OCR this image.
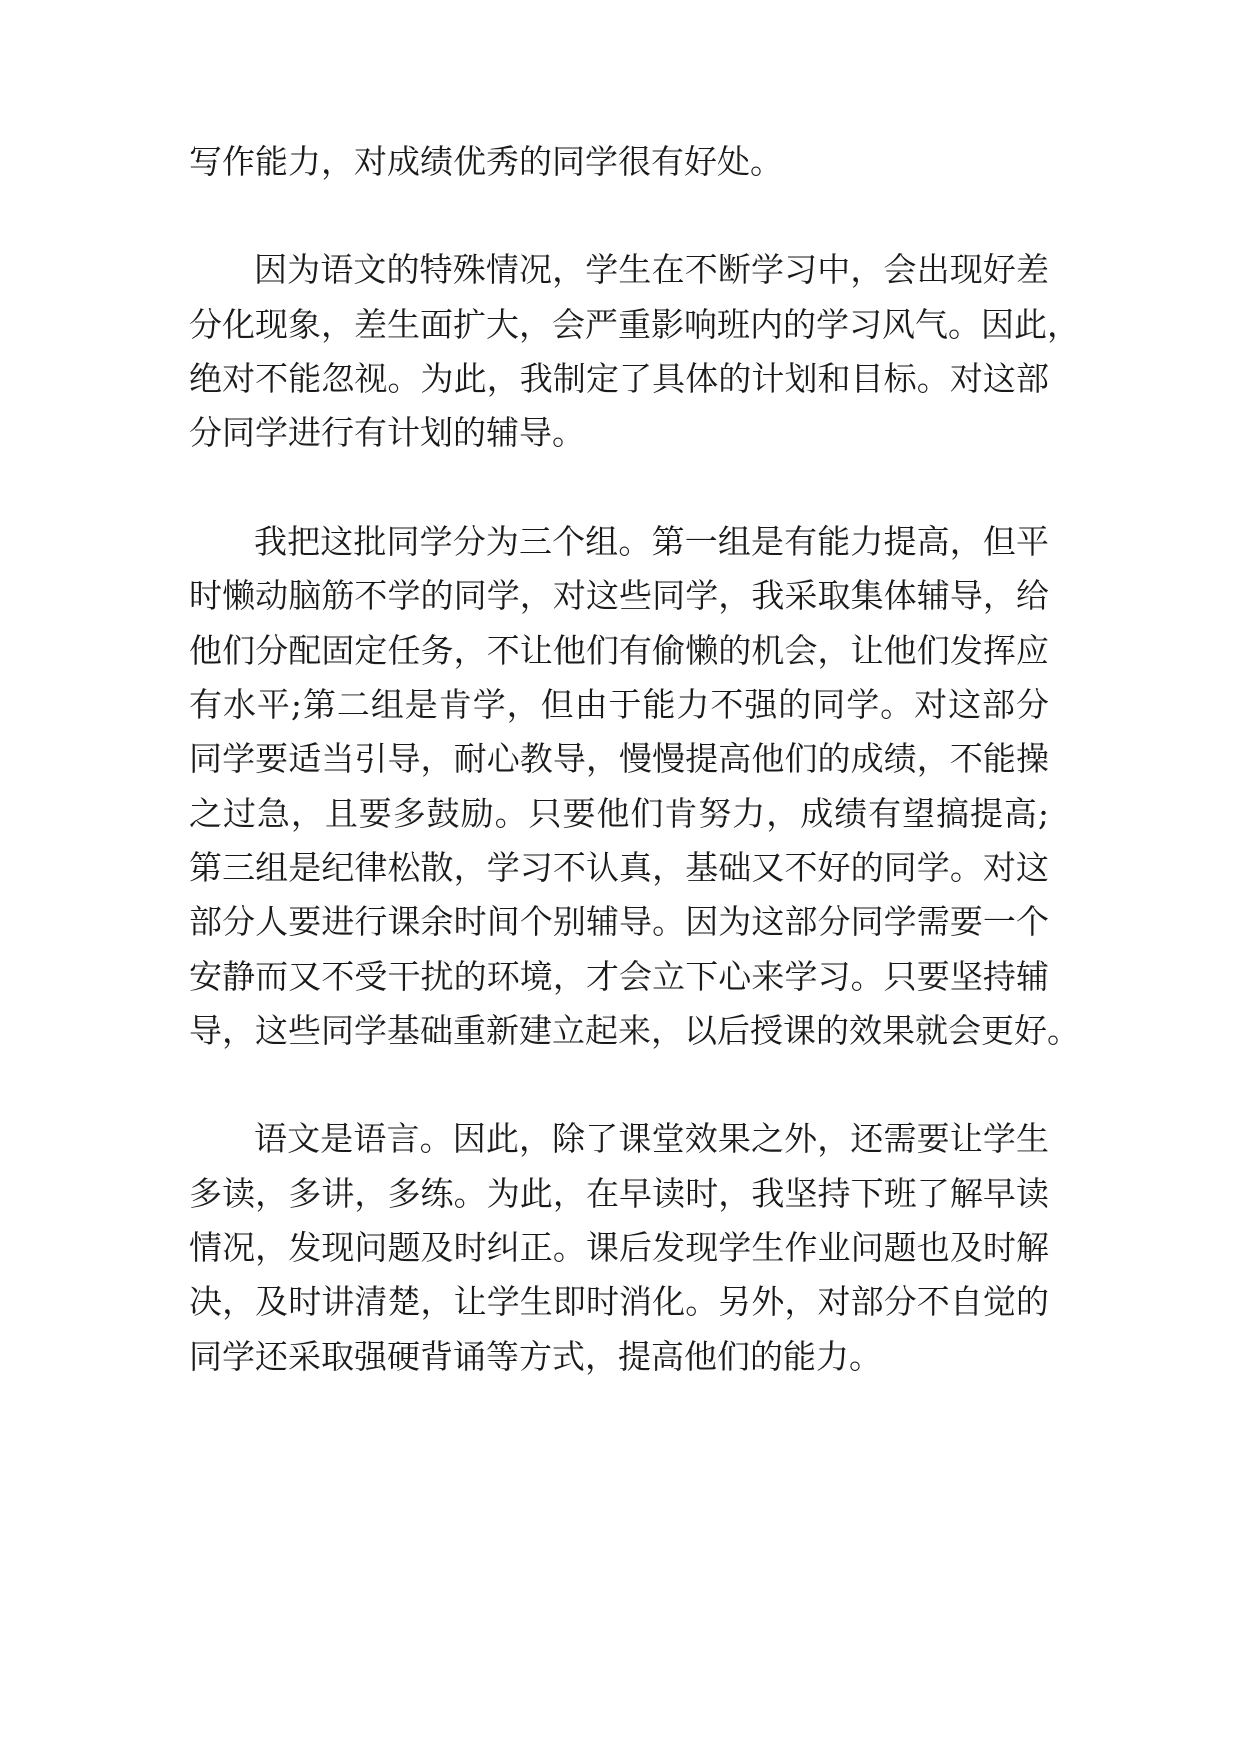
写作能力，对成绩优秀的同学很有好处。
因为语文的特殊情况，学生在不断学习中，会出现好差
分化现象，差生面扩大，会严重影响班内的学习风气。因此，
绝对不能忽视。为此，我制定了具体的计划和目标。对这部
分同学进行有计划的辅导。
我把这批同学分为三个组。第一组是有能力提高，但平
时懒动脑筋不学的同学，对这些同学，我采取集体辅导，给
他们分配固定任务，不让他们有偷懒的机会，让他们发挥应
有水平;第二组是肯学，但由于能力不强的同学。对这部分
同学要适当引导，耐心教导，慢慢提高他们的成绩，不能操
之过急，且要多鼓励。只要他们肯努力，成绩有望搞提高;
第三组是纪律松散，学习不认真，基础又不好的同学。对这
部分人要进行课余时间个别辅导。因为这部分同学需要一个
安静而又不受干扰的环境，才会立下心来学习。只要坚持辅
导，这些同学基础重新建立起来，以后授课的效果就会更好。
语文是语言。因此，除了课堂效果之外，还需要让学生
多读，多讲，多练。为此，在早读时，我坚持下班了解早读
情况，发现问题及时纠正。课后发现学生作业问题也及时解
决，及时讲清楚，让学生即时消化。另外，对部分不自觉的
同学还采取强硬背诵等方式，提高他们的能力。
